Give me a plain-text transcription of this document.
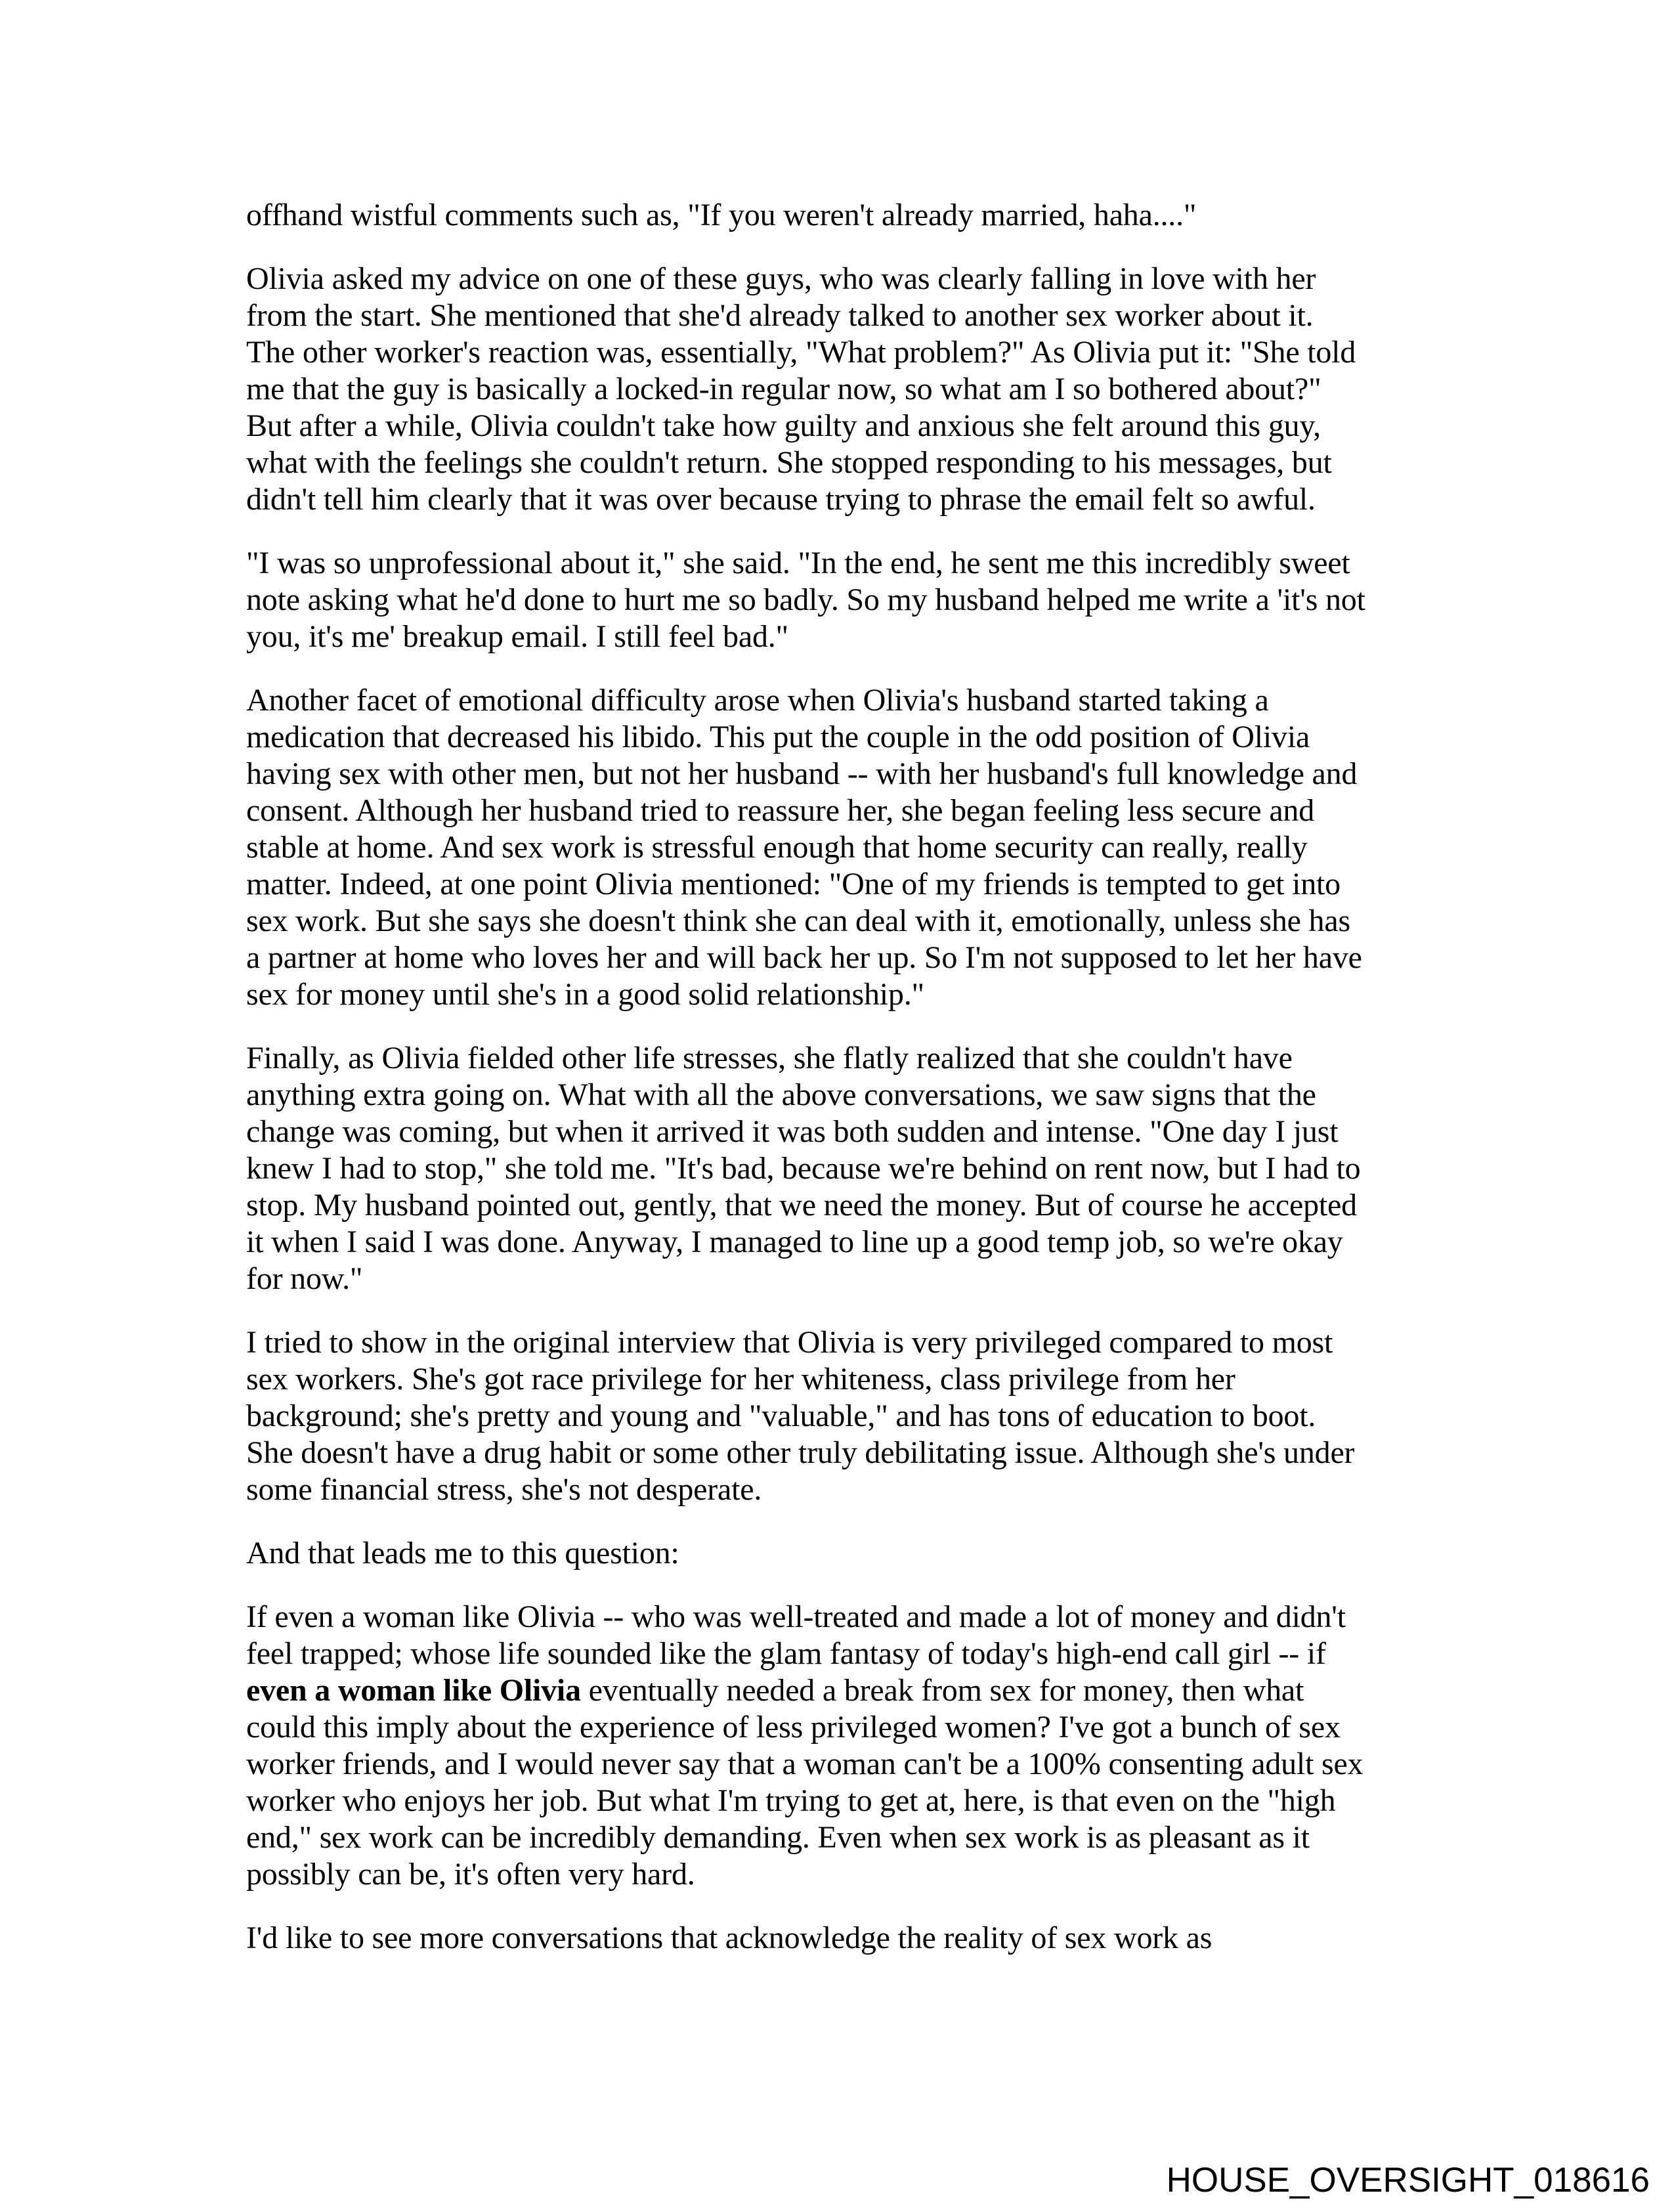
offhand wistful comments such as, "If you weren't already married, haha...."

Olivia asked my advice on one of these guys, who was clearly falling in love with her
from the start. She mentioned that she'd already talked to another sex worker about it.
The other worker's reaction was, essentially, "What problem?" As Olivia put it: "She told
me that the guy is basically a locked-in regular now, so what am I so bothered about?"
But after a while, Olivia couldn't take how guilty and anxious she felt around this guy,
what with the feelings she couldn't return. She stopped responding to his messages, but
didn't tell him clearly that it was over because trying to phrase the email felt so awful.

"I was so unprofessional about it," she said. "In the end, he sent me this incredibly sweet
note asking what he'd done to hurt me so badly. So my husband helped me write a 'it's not
you, it's me' breakup email. I still feel bad."

Another facet of emotional difficulty arose when Olivia's husband started taking a
medication that decreased his libido. This put the couple in the odd position of Olivia
having sex with other men, but not her husband -- with her husband's full knowledge and
consent. Although her husband tried to reassure her, she began feeling less secure and
stable at home. And sex work is stressful enough that home security can really, really
matter. Indeed, at one point Olivia mentioned: "One of my friends is tempted to get into
sex work. But she says she doesn't think she can deal with it, emotionally, unless she has
a partner at home who loves her and will back her up. So I'm not supposed to let her have
sex for money until she's in a good solid relationship."

Finally, as Olivia fielded other life stresses, she flatly realized that she couldn't have
anything extra going on. What with all the above conversations, we saw signs that the
change was coming, but when it arrived it was both sudden and intense. "One day I just
knew I had to stop," she told me. "It's bad, because we're behind on rent now, but I had to
stop. My husband pointed out, gently, that we need the money. But of course he accepted
it when I said I was done. Anyway, I managed to line up a good temp job, so we're okay
for now."

I tried to show in the original interview that Olivia is very privileged compared to most
sex workers. She's got race privilege for her whiteness, class privilege from her
background; she's pretty and young and "valuable," and has tons of education to boot.
She doesn't have a drug habit or some other truly debilitating issue. Although she's under
some financial stress, she's not desperate.

And that leads me to this question:

If even a woman like Olivia -- who was well-treated and made a lot of money and didn't
feel trapped; whose life sounded like the glam fantasy of today's high-end call girl -- if
even a woman like Olivia eventually needed a break from sex for money, then what
could this imply about the experience of less privileged women? I've got a bunch of sex
worker friends, and I would never say that a woman can't be a 100% consenting adult sex
worker who enjoys her job. But what I'm trying to get at, here, is that even on the "high
end," sex work can be incredibly demanding. Even when sex work is as pleasant as it
possibly can be, it's often very hard.

I'd like to see more conversations that acknowledge the reality of sex work as

HOUSE_OVERSIGHT_018616
